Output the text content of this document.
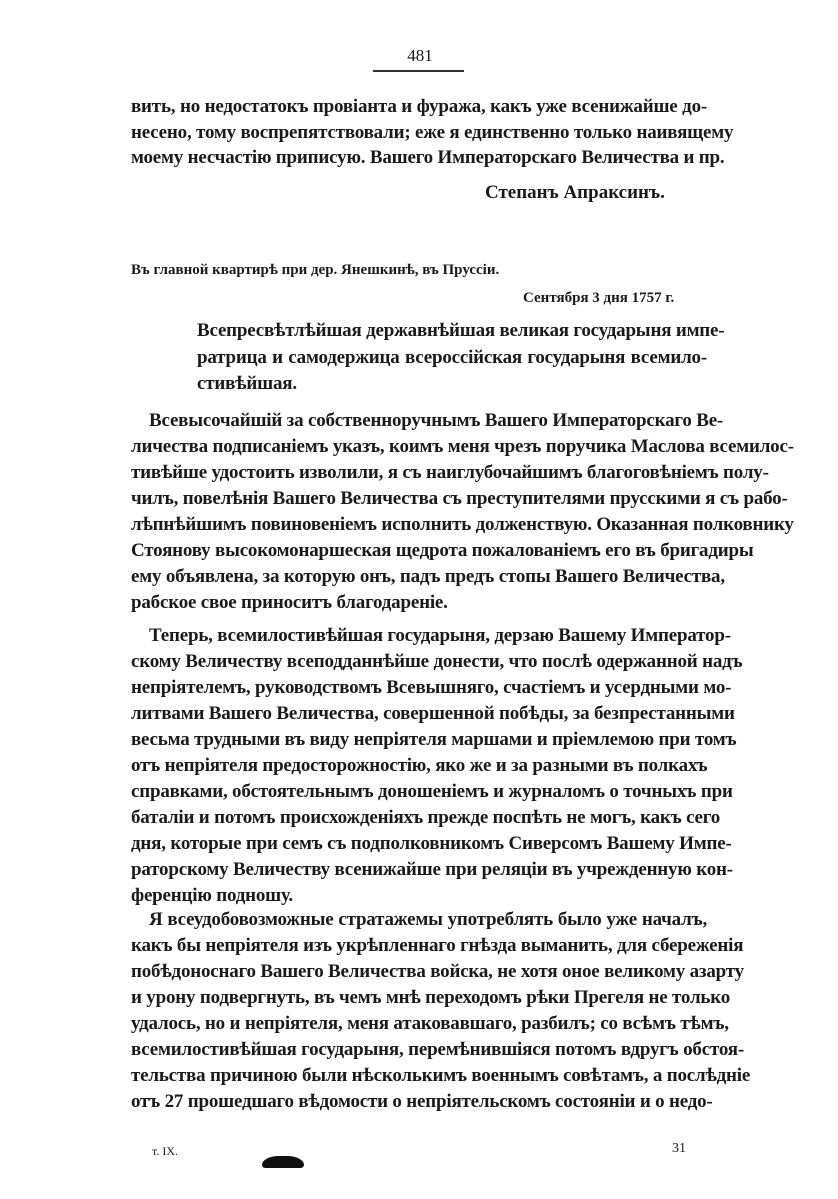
481
вить, но недостатокъ провіанта и фуража, какъ уже всенижайше до-
несено, тому воспрепятствовали; еже я единственно только наивящему
моему несчастію приписую. Вашего Императорскаго Величества и пр.
Всепресвѣтлѣйшая державнѣйшая великая государыня импе-
ратрица и самодержица всероссійская государыня всемило-
стивѣйшая.
Всевысочайшій за собственноручнымъ Вашего Императорскаго Ве-
личества подписаніемъ указъ, коимъ меня чрезъ поручика Маслова всемилос-
тивѣйше удостоить изволили, я съ наиглубочайшимъ благоговѣніемъ полу-
чилъ, повелѣнія Вашего Величества съ преступителями прусскими я съ рабо-
лѣпнѣйшимъ повиновеніемъ исполнить долженствую. Оказанная полковнику
Стоянову высокомонаршеская щедрота пожалованіемъ его въ бригадиры
ему объявлена, за которую онъ, падъ предъ стопы Вашего Величества,
рабское свое приноситъ благодареніе.
Теперь, всемилостивѣйшая государыня, дерзаю Вашему Император-
скому Величеству всеподданнѣйше донести, что послѣ одержанной надъ
непріятелемъ, руководствомъ Всевышняго, счастіемъ и усердными мо-
литвами Вашего Величества, совершенной побѣды, за безпрестанными
весьма трудными въ виду непріятеля маршами и пріемлемою при томъ
отъ непріятеля предосторожностію, яко же и за разными въ полкахъ
справками, обстоятельнымъ доношеніемъ и журналомъ о точныхъ при
баталіи и потомъ происхожденіяхъ прежде поспѣть не могъ, какъ сего
дня, которые при семъ съ подполковникомъ Сиверсомъ Вашему Импе-
раторскому Величеству всенижайше при реляціи въ учрежденную кон-
ференцію подношу.
Я всеудобовозможные стратажемы употреблять было уже началъ,
какъ бы непріятеля изъ укрѣпленнаго гнѣзда выманить, для сбереженія
побѣдоноснаго Вашего Величества войска, не хотя оное великому азарту
и урону подвергнуть, въ чемъ мнѣ переходомъ рѣки Прегеля не только
удалось, но и непріятеля, меня атаковавшаго, разбилъ; со всѣмъ тѣмъ,
всемилостивѣйшая государыня, перемѣнившіяся потомъ вдругъ обстоя-
тельства причиною были нѣсколькимъ военнымъ совѣтамъ, а послѣдніе
отъ 27 прошедшаго вѣдомости о непріятельскомъ состояніи и о недо-
Степанъ Апраксинъ.
Въ главной квартирѣ при дер. Янешкинѣ, въ Пруссіи.
Сентября 3 дня 1757 г.
т. IX.	31
